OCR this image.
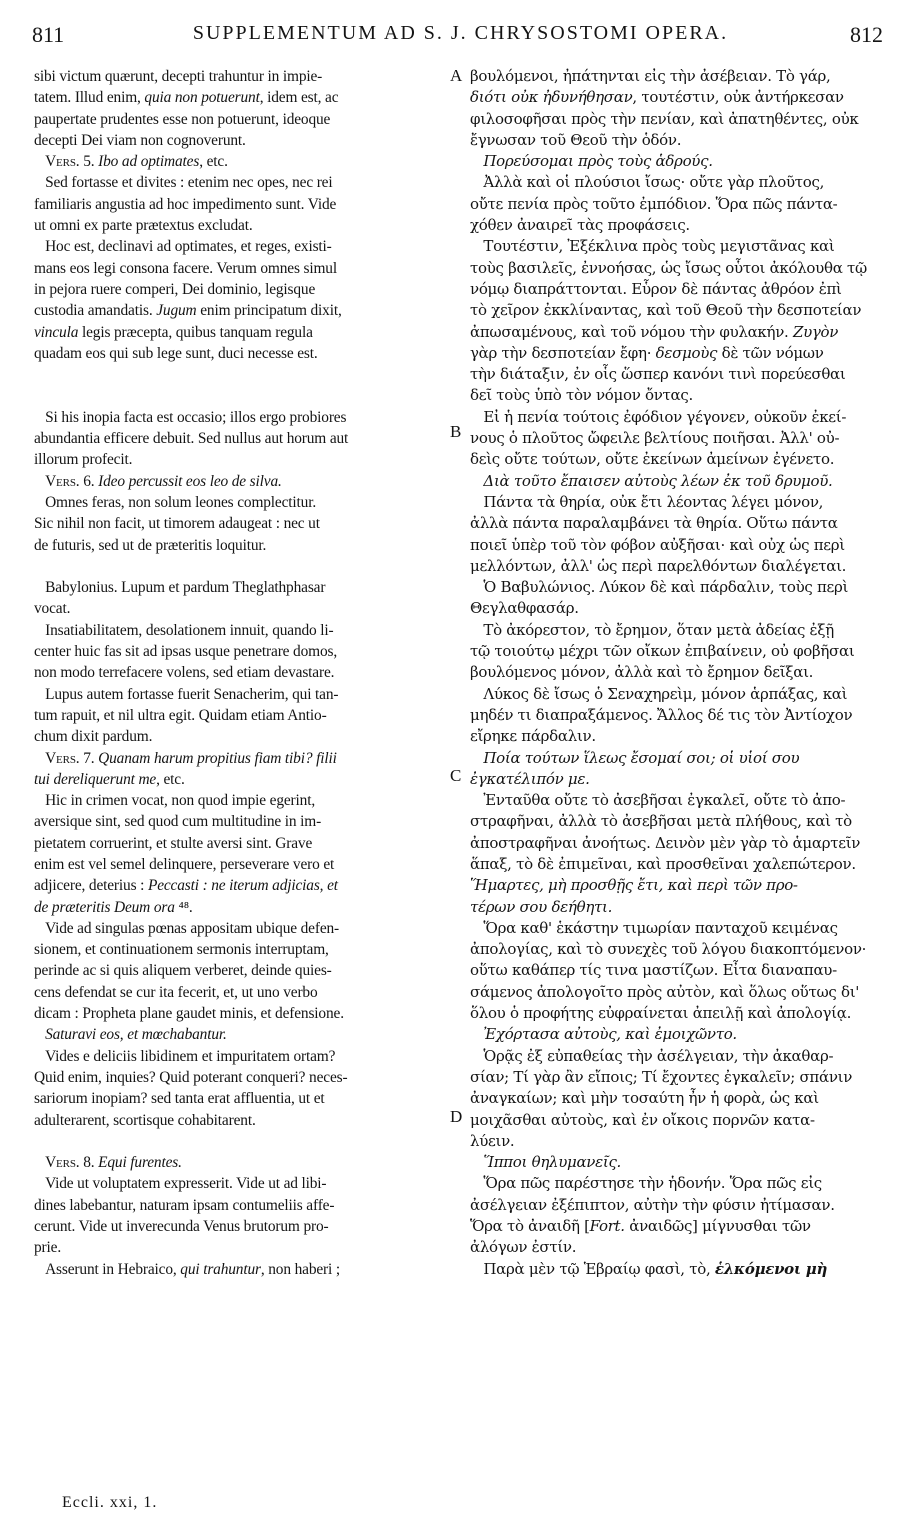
811	SUPPLEMENTUM AD S. J. CHRYSOSTOMI OPERA.	812
A
B
C
D
sibi victum quærunt, decepti trahuntur in impie-
tatem. Illud enim, quia non potuerunt, idem est, ac
paupertate prudentes esse non potuerunt, ideoque
decepti Dei viam non cognoverunt.
Vers. 5. Ibo ad optimates, etc.
Sed fortasse et divites : etenim nec opes, nec rei
familiaris angustia ad hoc impedimento sunt. Vide
ut omni ex parte prætextus excludat.
Hoc est, declinavi ad optimates, et reges, existi-
mans eos legi consona facere. Verum omnes simul
in pejora ruere comperi, Dei dominio, legisque
custodia amandatis. Jugum enim principatum dixit,
vincula legis præcepta, quibus tanquam regula
quadam eos qui sub lege sunt, duci necesse est.
Si his inopia facta est occasio; illos ergo probiores
abundantia efficere debuit. Sed nullus aut horum aut
illorum profecit.
Vers. 6. Ideo percussit eos leo de silva.
Omnes feras, non solum leones complectitur.
Sic nihil non facit, ut timorem adaugeat : nec ut
de futuris, sed ut de præteritis loquitur.
Babylonius. Lupum et pardum Theglathphasar
vocat.
Insatiabilitatem, desolationem innuit, quando li-
center huic fas sit ad ipsas usque penetrare domos,
non modo terrefacere volens, sed etiam devastare.
Lupus autem fortasse fuerit Senacherim, qui tan-
tum rapuit, et nil ultra egit. Quidam etiam Antio-
chum dixit pardum.
Vers. 7. Quanam harum propitius fiam tibi? filii
tui dereliquerunt me, etc.
Hic in crimen vocat, non quod impie egerint,
aversique sint, sed quod cum multitudine in im-
pietatem corruerint, et stulte aversi sint. Grave
enim est vel semel delinquere, perseverare vero et
adjicere, deterius : Peccasti : ne iterum adjicias, et
de præteritis Deum ora ⁴⁸.
Vide ad singulas pœnas appositam ubique defen-
sionem, et continuationem sermonis interruptam,
perinde ac si quis aliquem verberet, deinde quies-
cens defendat se cur ita fecerit, et, ut uno verbo
dicam : Propheta plane gaudet minis, et defensione.
Saturavi eos, et mœchabantur.
Vides e deliciis libidinem et impuritatem ortam?
Quid enim, inquies? Quid poterant conqueri? neces-
sariorum inopiam? sed tanta erat affluentia, ut et
adulterarent, scortisque cohabitarent.
Vers. 8. Equi furentes.
Vide ut voluptatem expresserit. Vide ut ad libi-
dines labebantur, naturam ipsam contumeliis affe-
cerunt. Vide ut inverecunda Venus brutorum pro-
prie.
Asserunt in Hebraico, qui trahuntur, non haberi ;
βουλόμενοι, ἠπάτηνται εἰς τὴν ἀσέβειαν. Τὸ γάρ,
διότι οὐκ ἠδυνήθησαν, τουτέστιν, οὐκ ἀντήρκεσαν
φιλοσοφῆσαι πρὸς τὴν πενίαν, καὶ ἀπατηθέντες, οὐκ
ἔγνωσαν τοῦ Θεοῦ τὴν ὁδόν.
Πορεύσομαι πρὸς τοὺς ἁδρούς.
Ἀλλὰ καὶ οἱ πλούσιοι ἴσως· οὔτε γὰρ πλοῦτος,
οὔτε πενία πρὸς τοῦτο ἐμπόδιον. Ὅρα πῶς πάντα-
χόθεν ἀναιρεῖ τὰς προφάσεις.
Τουτέστιν, Ἐξέκλινα πρὸς τοὺς μεγιστᾶνας καὶ
τοὺς βασιλεῖς, ἐννοήσας, ὡς ἴσως οὗτοι ἀκόλουθα τῷ
νόμῳ διαπράττονται. Εὗρον δὲ πάντας ἀθρόον ἐπὶ
τὸ χεῖρον ἐκκλίναντας, καὶ τοῦ Θεοῦ τὴν δεσποτείαν
ἀπωσαμένους, καὶ τοῦ νόμου τὴν φυλακήν. Ζυγὸν
γὰρ τὴν δεσποτείαν ἔφη· δεσμοὺς δὲ τῶν νόμων
τὴν διάταξιν, ἐν οἷς ὥσπερ κανόνι τινὶ πορεύεσθαι
δεῖ τοὺς ὑπὸ τὸν νόμον ὄντας.
Εἰ ἡ πενία τούτοις ἐφόδιον γέγονεν, οὐκοῦν ἐκεί-
νους ὁ πλοῦτος ὤφειλε βελτίους ποιῆσαι. Ἀλλ' οὐ-
δεὶς οὔτε τούτων, οὔτε ἐκείνων ἀμείνων ἐγένετο.
Διὰ τοῦτο ἔπαισεν αὐτοὺς λέων ἐκ τοῦ δρυμοῦ.
Πάντα τὰ θηρία, οὐκ ἔτι λέοντας λέγει μόνον,
ἀλλὰ πάντα παραλαμβάνει τὰ θηρία. Οὕτω πάντα
ποιεῖ ὑπὲρ τοῦ τὸν φόβον αὐξῆσαι· καὶ οὐχ ὡς περὶ
μελλόντων, ἀλλ' ὡς περὶ παρελθόντων διαλέγεται.
Ὁ Βαβυλώνιος. Λύκον δὲ καὶ πάρδαλιν, τοὺς περὶ
Θεγλαθφασάρ.
Τὸ ἀκόρεστον, τὸ ἔρημον, ὅταν μετὰ ἀδείας ἐξῇ
τῷ τοιούτῳ μέχρι τῶν οἴκων ἐπιβαίνειν, οὐ φοβῆσαι
βουλόμενος μόνον, ἀλλὰ καὶ τὸ ἔρημον δεῖξαι.
Λύκος δὲ ἴσως ὁ Σεναχηρεὶμ, μόνον ἁρπάξας, καὶ
μηδέν τι διαπραξάμενος. Ἄλλος δέ τις τὸν Ἀντίοχον
εἴρηκε πάρδαλιν.
Ποία τούτων ἵλεως ἔσομαί σοι; οἱ υἱοί σου
ἐγκατέλιπόν με.
Ἐνταῦθα οὔτε τὸ ἀσεβῆσαι ἐγκαλεῖ, οὔτε τὸ ἀπο-
στραφῆναι, ἀλλὰ τὸ ἀσεβῆσαι μετὰ πλήθους, καὶ τὸ
ἀποστραφῆναι ἀνοήτως. Δεινὸν μὲν γὰρ τὸ ἁμαρτεῖν
ἅπαξ, τὸ δὲ ἐπιμεῖναι, καὶ προσθεῖναι χαλεπώτερον.
Ἥμαρτες, μὴ προσθῇς ἔτι, καὶ περὶ τῶν προ-
τέρων σου δεήθητι.
Ὅρα καθ' ἑκάστην τιμωρίαν πανταχοῦ κειμένας
ἀπολογίας, καὶ τὸ συνεχὲς τοῦ λόγου διακοπτόμενον·
οὕτω καθάπερ τίς τινα μαστίζων. Εἶτα διαναπαυ-
σάμενος ἀπολογοῖτο πρὸς αὐτὸν, καὶ ὅλως οὕτως δι'
ὅλου ὁ προφήτης εὐφραίνεται ἀπειλῇ καὶ ἀπολογίᾳ.
Ἐχόρτασα αὐτοὺς, καὶ ἐμοιχῶντο.
Ὁρᾷς ἐξ εὐπαθείας τὴν ἀσέλγειαν, τὴν ἀκαθαρ-
σίαν; Τί γὰρ ἂν εἴποις; Τί ἔχοντες ἐγκαλεῖν; σπάνιν
ἀναγκαίων; καὶ μὴν τοσαύτη ἦν ἡ φορὰ, ὡς καὶ
μοιχᾶσθαι αὐτοὺς, καὶ ἐν οἴκοις πορνῶν κατα-
λύειν.
Ἵπποι θηλυμανεῖς.
Ὅρα πῶς παρέστησε τὴν ἡδονήν. Ὅρα πῶς εἰς
ἀσέλγειαν ἐξέπιπτον, αὐτὴν τὴν φύσιν ἠτίμασαν.
Ὅρα τὸ ἀναιδῆ [Fort. ἀναιδῶς] μίγνυσθαι τῶν
ἀλόγων ἐστίν.
Παρὰ μὲν τῷ Ἑβραίῳ φασὶ, τὸ, ἑλκόμενοι μὴ
Eccli. xxi, 1.
